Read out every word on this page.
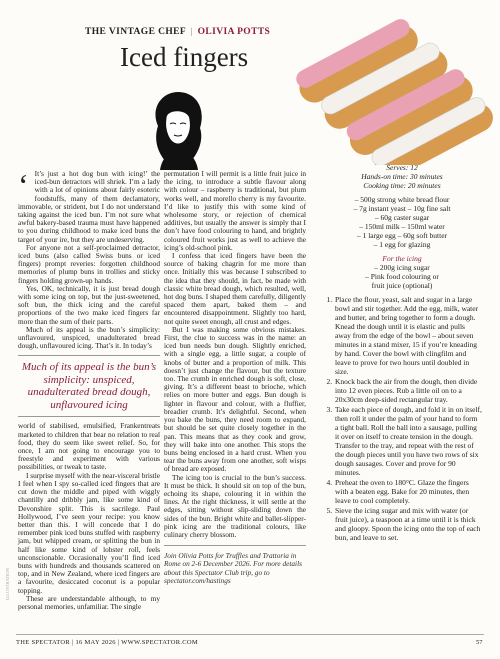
THE VINTAGE CHEF | OLIVIA POTTS
Iced fingers

‘ It’s just a hot dog bun with icing!’ the iced-bun detractors will shriek. I’m a lady with a lot of opinions about fairly esoteric foodstuffs, many of them declamatory, immovable, or strident, but I do not understand taking against the iced bun. I’m not sure what awful bakery-based trauma must have happened to you during childhood to make iced buns the target of your ire, but they are undeserving.

For anyone not a self-proclaimed detractor, iced buns (also called Swiss buns or iced fingers) prompt reveries: forgotten childhood memories of plump buns in trollies and sticky fingers holding grown-up hands.

Yes, OK, technically, it is just bread dough with some icing on top, but the just-sweetened, soft bun, the thick icing and the careful proportions of the two make iced fingers far more than the sum of their parts.

Much of its appeal is the bun’s simplicity: unflavoured, unspiced, unadulterated bread dough, unflavoured icing. That’s it. In today’s

Much of its appeal is the bun’s simplicity: unspiced, unadulterated bread dough, unflavoured icing

world of stabilised, emulsified, Frankentreats marketed to children that bear no relation to real food, they do seem like sweet relief. So, for once, I am not going to encourage you to freestyle and experiment with various possibilities, or tweak to taste.

I surprise myself with the near-visceral bristle I feel when I spy so-called iced fingers that are cut down the middle and piped with wiggly chantilly and dribbly jam, like some kind of Devonshire split. This is sacrilege. Paul Hollywood, I’ve seen your recipe: you know better than this. I will concede that I do remember pink iced buns stuffed with raspberry jam, but whipped cream, or splitting the bun in half like some kind of lobster roll, feels unconscionable. Occasionally you’ll find iced buns with hundreds and thousands scattered on top, and in New Zealand, where iced fingers are a favourite, desiccated coconut is a popular topping.

These are understandable although, to my personal memories, unfamiliar. The single

permutation I will permit is a little fruit juice in the icing, to introduce a subtle flavour along with colour – raspberry is traditional, but plum works well, and morello cherry is my favourite. I’d like to justify this with some kind of wholesome story, or rejection of chemical additives, but usually the answer is simply that I don’t have food colouring to hand, and brightly coloured fruit works just as well to achieve the icing’s old-school pink.

I confess that iced fingers have been the source of baking chagrin for me more than once. Initially this was because I subscribed to the idea that they should, in fact, be made with classic white bread dough, which resulted, well, hot dog buns. I shaped them carefully, diligently spaced them apart, baked them – and encountered disappointment. Slightly too hard, not quite sweet enough, all crust and edges.

But I was making some obvious mistakes. First, the clue to success was in the name: an iced bun needs bun dough. Slightly enriched, with a single egg, a little sugar, a couple of knobs of butter and a proportion of milk. This doesn’t just change the flavour, but the texture too. The crumb in enriched dough is soft, close, giving. It’s a different beast to brioche, which relies on more butter and eggs. Bun dough is lighter in flavour and colour, with a fluffier, breadier crumb. It’s delightful. Second, when you bake the buns, they need room to expand, but should be set quite closely together in the pan. This means that as they cook and grow, they will bake into one another. This stops the buns being enclosed in a hard crust. When you tear the buns away from one another, soft wisps of bread are exposed.

The icing too is crucial to the bun’s success. It must be thick. It should sit on top of the bun, echoing its shape, colouring it in within the lines. At the right thickness, it will settle at the edges, sitting without slip-sliding down the sides of the bun. Bright white and ballet-slipper-pink icing are the traditional colours, like culinary cherry blossom.

Join Olivia Potts for Truffles and Trattoria in Rome on 2-6 December 2026. For more details about this Spectator Club trip, go to spectator.com/hastings
Serves: 12
Hands-on time: 30 minutes
Cooking time: 20 minutes
– 500g strong white bread flour
– 7g instant yeast – 10g fine salt
– 60g caster sugar
– 150ml milk – 150ml water
– 1 large egg – 60g soft butter
– 1 egg for glazing
For the icing
– 200g icing sugar
– Pink food colouring or
fruit juice (optional)
1. Place the flour, yeast, salt and sugar in a large bowl and stir together. Add the egg, milk, water and butter, and bring together to form a dough. Knead the dough until it is elastic and pulls away from the edge of the bowl – about seven minutes in a stand mixer, 15 if you’re kneading by hand. Cover the bowl with clingfilm and leave to prove for two hours until doubled in size.
2. Knock back the air from the dough, then divide into 12 even pieces. Rub a little oil on to a 20x30cm deep-sided rectangular tray.
3. Take each piece of dough, and fold it in on itself, then roll it under the palm of your hand to form a tight ball. Roll the ball into a sausage, pulling it over on itself to create tension in the dough. Transfer to the tray, and repeat with the rest of the dough pieces until you have two rows of six dough sausages. Cover and prove for 90 minutes.
4. Preheat the oven to 180°C. Glaze the fingers with a beaten egg. Bake for 20 minutes, then leave to cool completely.
5. Sieve the icing sugar and mix with water (or fruit juice), a teaspoon at a time until it is thick and gloopy. Spoon the icing onto the top of each bun, and leave to set.
ILLUSTRATION
THE SPECTATOR | 16 MAY 2026 | WWW.SPECTATOR.COM	57
